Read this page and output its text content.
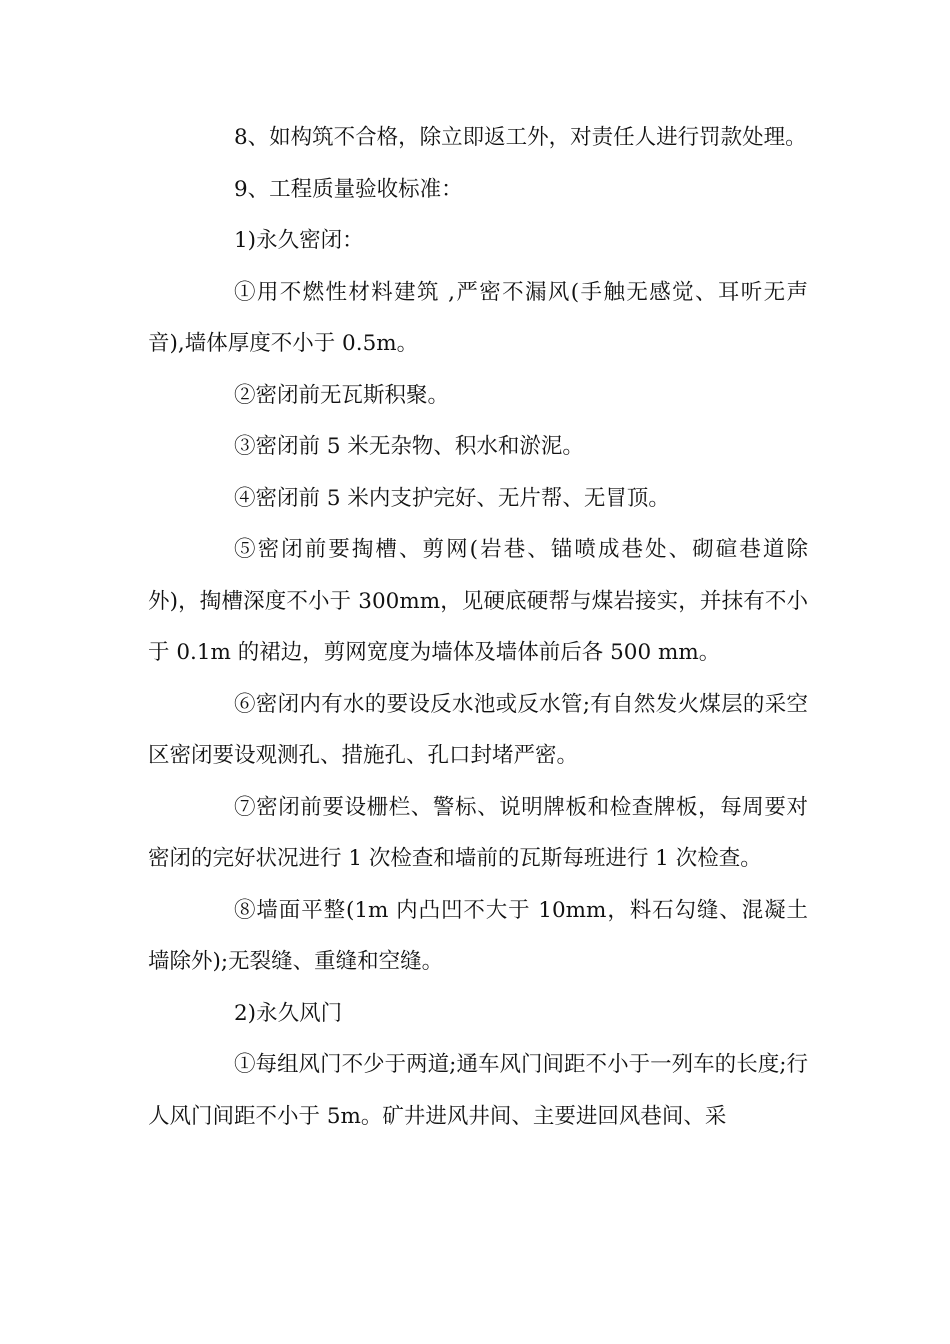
8、如构筑不合格，除立即返工外，对责任人进行罚款处理。

9、工程质量验收标准：

1)永久密闭：

①用不燃性材料建筑 ,严密不漏风(手触无感觉、耳听无声音),墙体厚度不小于 0.5m。

②密闭前无瓦斯积聚。

③密闭前 5 米无杂物、积水和淤泥。

④密闭前 5 米内支护完好、无片帮、无冒顶。

⑤密闭前要掏槽、剪网(岩巷、锚喷成巷处、砌碹巷道除外)，掏槽深度不小于 300mm，见硬底硬帮与煤岩接实，并抹有不小于 0.1m 的裙边，剪网宽度为墙体及墙体前后各 500 mm。

⑥密闭内有水的要设反水池或反水管;有自然发火煤层的采空区密闭要设观测孔、措施孔、孔口封堵严密。

⑦密闭前要设栅栏、警标、说明牌板和检查牌板，每周要对密闭的完好状况进行 1 次检查和墙前的瓦斯每班进行 1 次检查。

⑧墙面平整(1m 内凸凹不大于 10mm，料石勾缝、混凝土墙除外);无裂缝、重缝和空缝。

2)永久风门

①每组风门不少于两道;通车风门间距不小于一列车的长度;行人风门间距不小于 5m。矿井进风井间、主要进回风巷间、采
